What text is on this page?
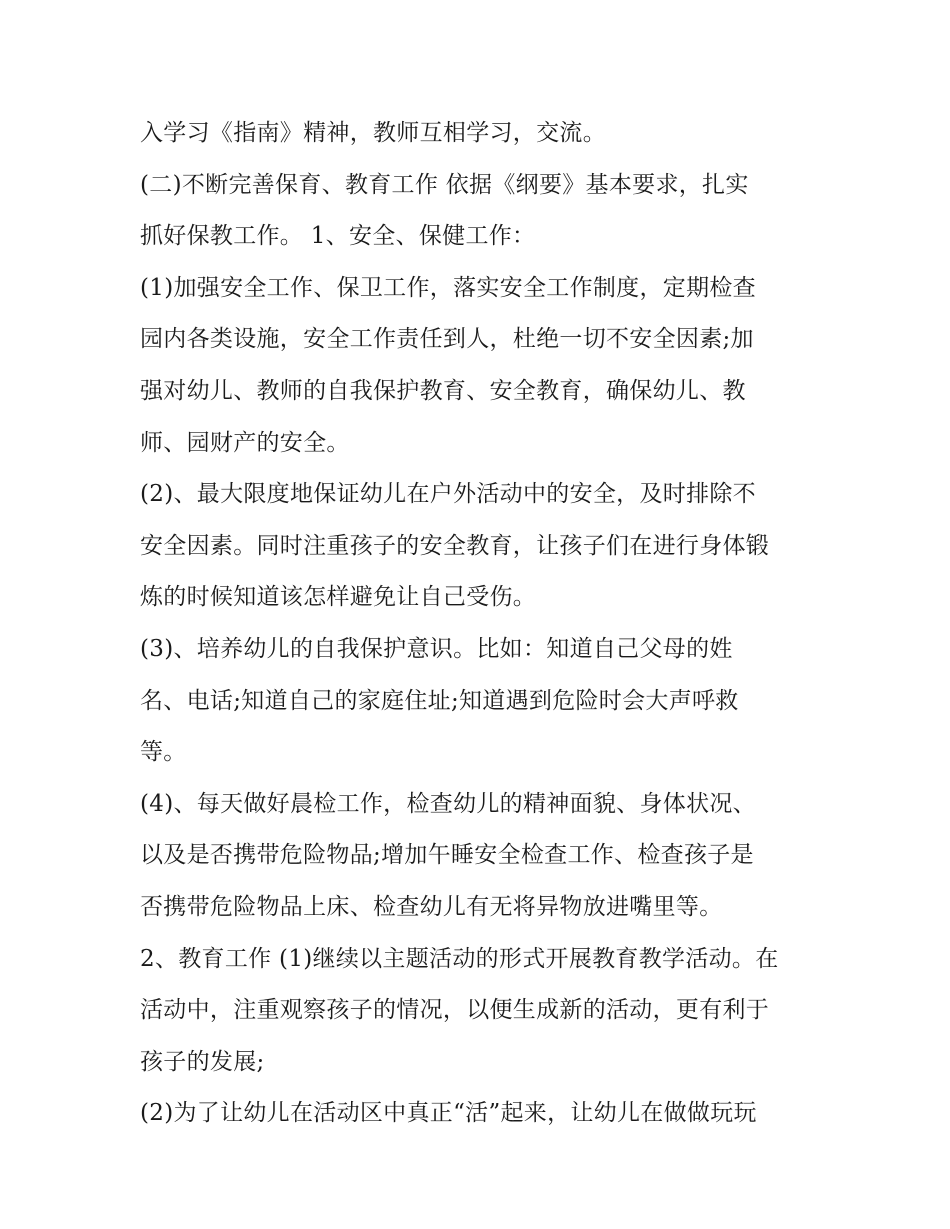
入学习《指南》精神，教师互相学习，交流。
(二)不断完善保育、教育工作 依据《纲要》基本要求，扎实
抓好保教工作。 1、安全、保健工作：
(1)加强安全工作、保卫工作，落实安全工作制度，定期检查
园内各类设施，安全工作责任到人，杜绝一切不安全因素;加
强对幼儿、教师的自我保护教育、安全教育，确保幼儿、教
师、园财产的安全。
(2)、最大限度地保证幼儿在户外活动中的安全，及时排除不
安全因素。同时注重孩子的安全教育，让孩子们在进行身体锻
炼的时候知道该怎样避免让自己受伤。
(3)、培养幼儿的自我保护意识。比如：知道自己父母的姓
名、电话;知道自己的家庭住址;知道遇到危险时会大声呼救
等。
(4)、每天做好晨检工作，检查幼儿的精神面貌、身体状况、
以及是否携带危险物品;增加午睡安全检查工作、检查孩子是
否携带危险物品上床、检查幼儿有无将异物放进嘴里等。
2、教育工作 (1)继续以主题活动的形式开展教育教学活动。在
活动中，注重观察孩子的情况，以便生成新的活动，更有利于
孩子的发展;
(2)为了让幼儿在活动区中真正“活”起来，让幼儿在做做玩玩
